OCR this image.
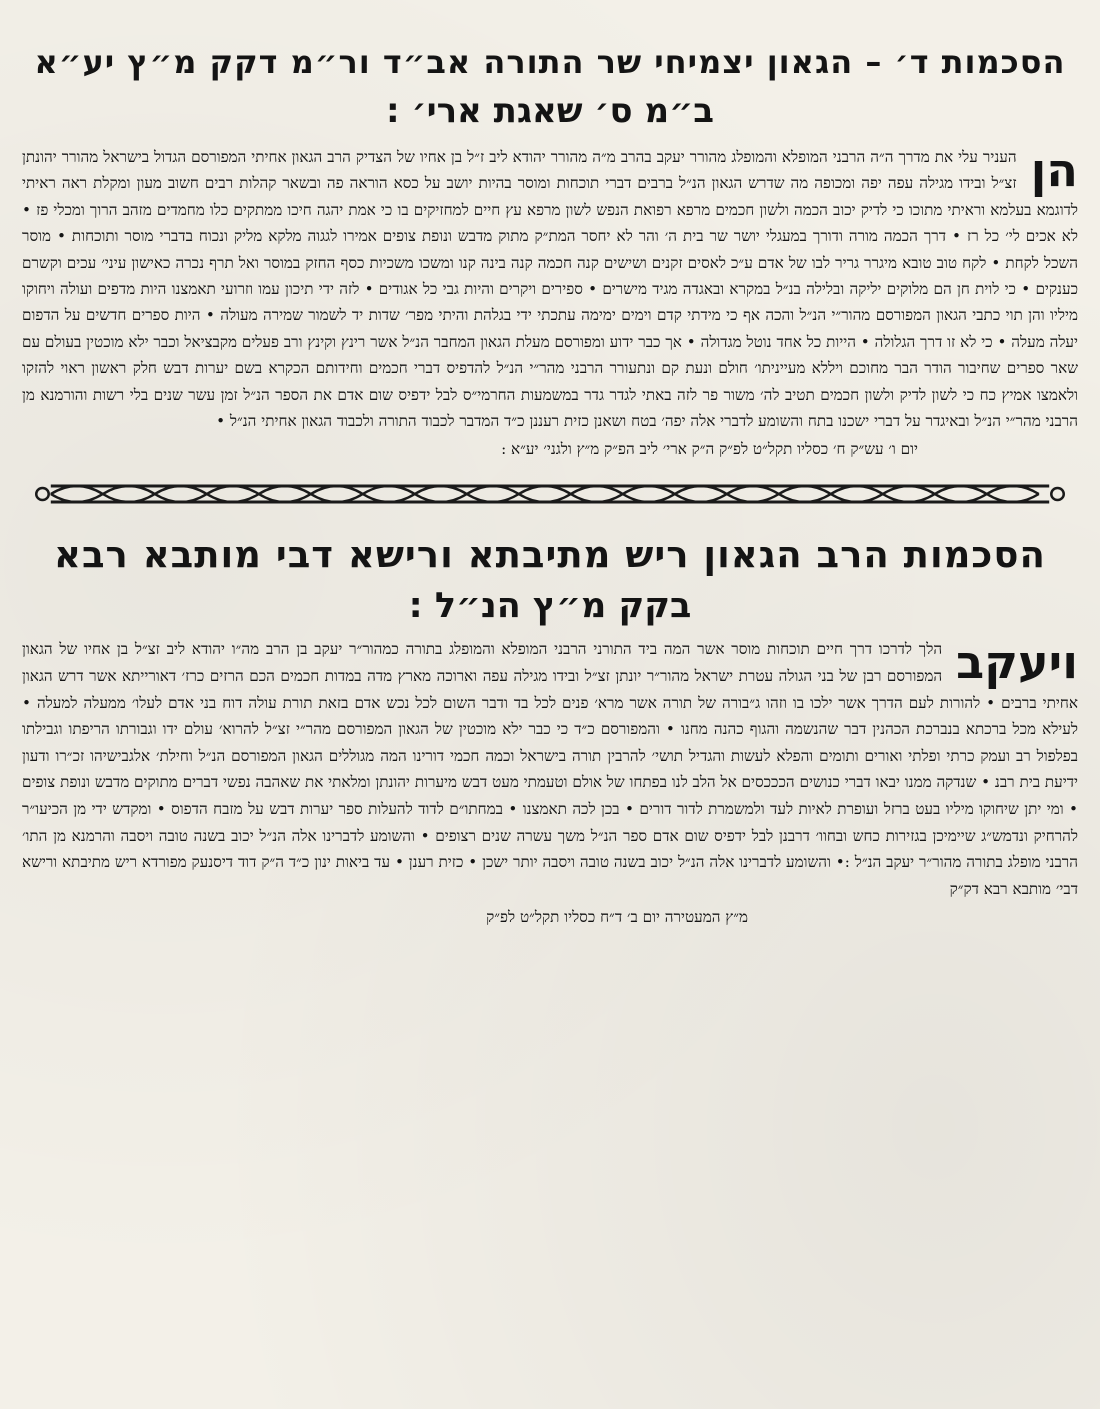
הסכמות ד׳ – הגאון יצמיחי שר התורה אב״ד ור״מ דקק מ״ץ יע״א
ב״מ ס׳ שאגת ארי׳ :
הן

העניר עלי את מדרך ה״ה הרבני המופלא והמופלג מהורר יעקב בהרב מ״ה מהורר יהודא ליב ז״ל בן אחיו של הצדיק הרב הגאון אחיתי המפורסם הגדול בישראל מהורר יהונתן זצ״ל ובידו מגילה עפה יפה ומכופה מה שדרש הגאון הנ״ל ברבים דברי תוכחות ומוסר בהיות יושב על כסא הוראה פה ובשאר קהלות רבים חשוב מעון ומקלת ראה ראיתי לדוגמא בעלמא וראיתי מתוכו כי לדיק יכוב הכמה ולשון חכמים מרפא רפואת הנפש לשון מרפא עץ חיים למחזיקים בו כי אמת יהגה חיכו ממתקים כלו מחמדים מזהב הרוך ומכלי פז • לא אכים לי׳ כל רז • דרך הכמה מורה ודורך במעגלי יושר שר בית ה׳ והר לא יחסר המת״ק מתוק מדבש ונופת צופים אמירו לגגוה מלקא מליק ונכוח בדברי מוסר ותוכחות • מוסר השכל לקחת • לקח טוב טובא מיגרר גריר לבו של אדם ע״כ לאסים זקנים ושישים קנה חכמה קנה בינה קנו ומשכו משכיות כסף החזק במוסר ואל תרף נכרה כאישון עיני׳ עכים וקשרם כענקים • כי לוית חן הם מלוקים יליקה ובלילה בנ״ל במקרא ובאגדה מגיד מישרים • ספירים ויקרים והיות גבי כל אגודים • לזה ידי תיכון עמו וזרועי תאמצנו היות מדפים ועולה ויחוקו מיליו והן תוי כתבי הגאון המפורסם מהור״י הנ״ל והכה אף כי מידתי קדם וימים ימימה עתכתי ידי בגלהת והיתי מפר׳ שדות יד לשמור שמירה מעולה • היות ספרים חדשים על הדפום יעלה מעלה • כי לא זו דרך הגלולה • הייות כל אחד נוטל מגדולה • אך כבר ידוע ומפורסם מעלת הגאון המחבר הנ״ל אשר רינץ וקינץ ורב פעלים מקבציאל וכבר ילא מוכטין בעולם עם שאר ספרים שחיבור הודר הבר מחוכם ויללא מעייניתו׳ חולם ונעת קם ונתעורר הרבני מהר״י הנ״ל להדפיס דברי חכמים וחידותם הכקרא בשם יערות דבש חלק ראשון ראוי להזקו ולאמצו אמיץ כח כי לשון לדיק ולשון חכמים תטיב לה׳ משור פר לזה באתי לגדר גדר במשמעות החרמי״ס לבל ידפיס שום אדם את הספר הנ״ל זמן עשר שנים בלי רשות והורמנא מן הרבני מהר״י הנ״ל ובאיגדר על דברי ישכנו בתח והשומע לדברי אלה יפה׳ בטח ושאנן כזית רעננן כ״ד המדבר לכבוד התורה ולכבוד הגאון אחיתי הנ״ל •

יום ו׳ עש״ק ח׳ כסליו תקל״ט לפ״ק ה״ק ארי׳ ליב הפ״ק מ״ץ ולגני׳ יע״א :
הסכמות הרב הגאון ריש מתיבתא ורישא דבי מותבא רבא
בקק מ״ץ הנ״ל :
ויעקב

הלך לדרכו דרך חיים תוכחות מוסר אשר המה ביד התורני הרבני המופלא והמופלג בתורה כמהור״ר יעקב בן הרב מה״ו יהודא ליב זצ״ל בן אחיו של הגאון המפורסם רבן של בני הגולה עטרת ישראל מהור״ר יונתן זצ״ל ובידו מגילה עפה וארוכה מארץ מדה במדות חכמים הכם הרזים כרז׳ דאורייתא אשר דרש הגאון אחיתי ברבים • להורות לעם הדרך אשר ילכו בו וזהו ג״בורה של תורה אשר מרא׳ פנים לכל בד ודבר השום לכל נכש אדם בזאת תורת עולה דוח בני אדם לעלו׳ ממעלה למעלה • לעילא מכל ברכתא בנברכת הכהנין דבר שהנשמה והגוף כהנה מחנו • והמפורסם כ״ד כי כבר ילא מוכטין של הגאון המפורסם מהר״י זצ״ל להרוא׳ עולם ידו וגבורתו הריפתו וגבילתו בפלפול רב ועמק כרתי ופלתי ואורים ותומים והפלא לעשות והגדיל תושי׳ להרבין תורה בישראל וכמה חכמי דורינו המה מגוללים הגאון המפורסם הנ״ל וחילת׳ אלגבישיהו זכ״רו ודעון ידיעת בית רבנ • שנדקה ממנו יבאו דברי כנושים הכככסים אל הלב לנו בפתחו של אולם וטעמתי מעט דבש מיערות יהונתן ומלאתי את שאהבה נפשי דברים מתוקים מדבש ונופת צופים • ומי יתן שיחוקו מיליו בעט ברזל ועופרת לאיות לעד ולמשמרת לדור דורים • בכן לכה תאמצנו • במחתו״ם לדוד להעלות ספר יערות דבש על מזבח הדפוס • ומקדש ידי מן הכיעו״ר להרחיק ונדמש״ג שיימיכן בגזירות כחש ובחוו׳ דרבנן לבל ידפיס שום אדם ספר הנ״ל משך עשרה שנים רצופים • והשומע לדברינו אלה הנ״ל יכוב בשנה טובה ויסבה והרמנא מן התו׳ הרבני מופלג בתורה מהור״ר יעקב הנ״ל :• והשומע לדברינו אלה הנ״ל יכוב בשנה טובה ויסבה יותר ישכן • כזית רענן • עד ביאות ינון כ״ד ה״ק דוד דיסנעק מפורדא ריש מתיבתא ורישא דבי׳ מותבא רבא דק״ק

מ״ץ המעטירה יום ב׳ ד״ח כסליו תקל״ט לפ״ק
